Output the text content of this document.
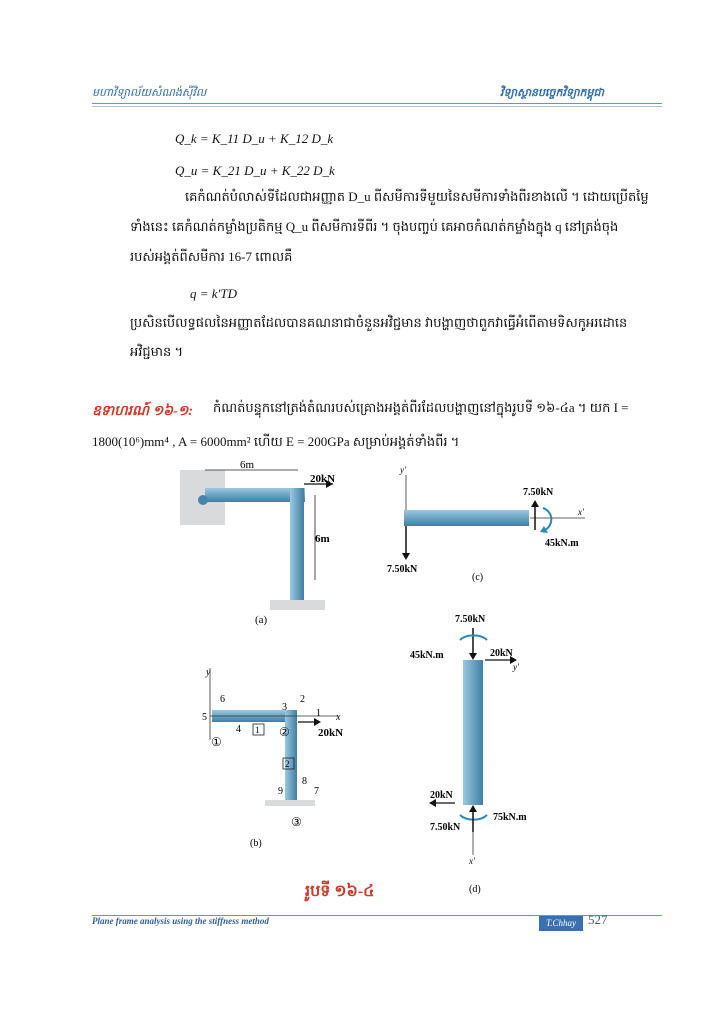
មហាវិទ្យាល័យសំណង់ស៊ីវិល	វិទ្យាស្ថានបច្ចេកវិទ្យាកម្ពុជា
Q_k = K_11 D_u + K_12 D_k
Q_u = K_21 D_u + K_22 D_k
គេកំណត់បំលាស់ទីដែលជាអញ្ញាត D_u ពីសមីការទីមួយនៃសមីការទាំងពីរខាងលើ ។ ដោយប្រើតម្លៃ
ទាំងនេះ គេកំណត់កម្លាំងប្រតិកម្ម Q_u ពីសមីការទីពីរ ។ ចុងបញ្ចប់ គេអាចកំណត់កម្លាំងក្នុង q នៅត្រង់ចុង
របស់អង្គត់ពីសមីការ 16-7 ពោលគឺ
q = k′TD
ប្រសិនបើលទ្ធផលនៃអញ្ញាតដែលបានគណនាជាចំនួនអវិជ្ជមាន វាបង្ហាញថាពួកវាធ្វើអំពើតាមទិសកូអរដោនេ
អវិជ្ជមាន ។
ឧទាហរណ៍ ១៦-១: កំណត់បន្ទុកនៅត្រង់តំណរបស់គ្រោងអង្គត់ពីរដែលបង្ហាញនៅក្នុងរូបទី ១៦-៤a ។ យក I =
1800(10⁶)mm⁴ , A = 6000mm² ហើយ E = 200GPa សម្រាប់អង្គត់ទាំងពីរ ។
6m
20kN
6m
(a)
y′
x′
7.50kN
7.50kN
45kN.m
(c)
y
x
20kN
1
2
3
4
5
6
7
8
9
1
2
①
②
③
(b)
7.50kN
45kN.m	20kN
y′
20kN
75kN.m
7.50kN
x′
(d)
រូបទី ១៦-៤
Plane frame analysis using the stiffness method	T.Chhay 527
